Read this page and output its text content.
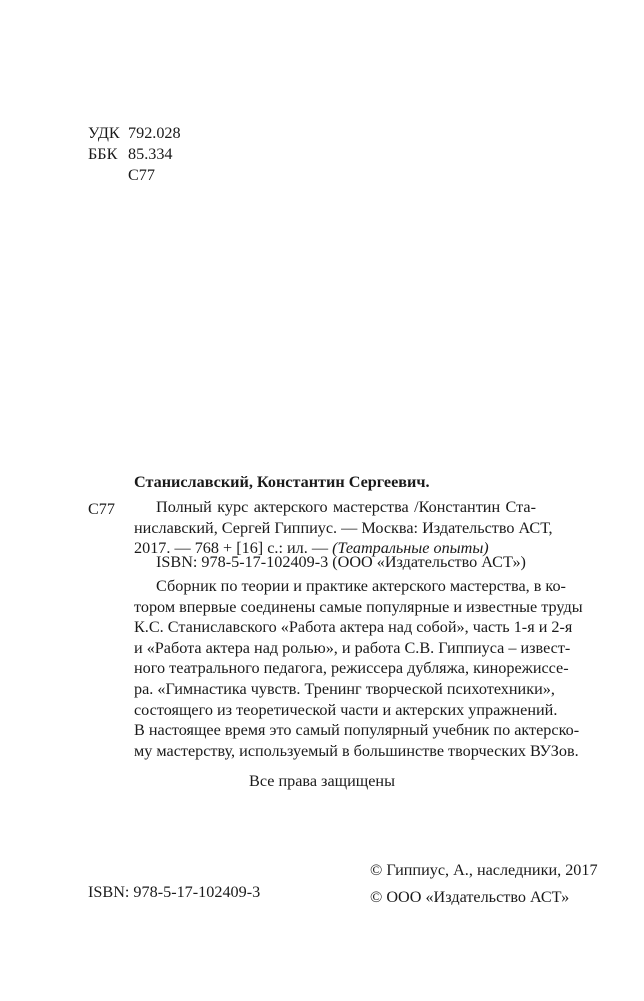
УДК 792.028
ББК 85.334
С77
Станиславский, Константин Сергеевич.
С77	Полный курс актерского мастерства /Константин Ста-
ниславский, Сергей Гиппиус. — Москва: Издательство АСТ,
2017. — 768 + [16] с.: ил. — (Театральные опыты)
ISBN: 978-5-17-102409-3 (ООО «Издательство АСТ»)
Сборник по теории и практике актерского мастерства, в ко-
тором впервые соединены самые популярные и известные труды
К.С. Станиславского «Работа актера над собой», часть 1-я и 2-я
и «Работа актера над ролью», и работа С.В. Гиппиуса – извест-
ного театрального педагога, режиссера дубляжа, кинорежиссе-
ра. «Гимнастика чувств. Тренинг творческой психотехники»,
состоящего из теоретической части и актерских упражнений.
В настоящее время это самый популярный учебник по актерско-
му мастерству, используемый в большинстве творческих ВУЗов.
Все права защищены
ISBN: 978-5-17-102409-3
© Гиппиус, А., наследники, 2017
© ООО «Издательство АСТ»
